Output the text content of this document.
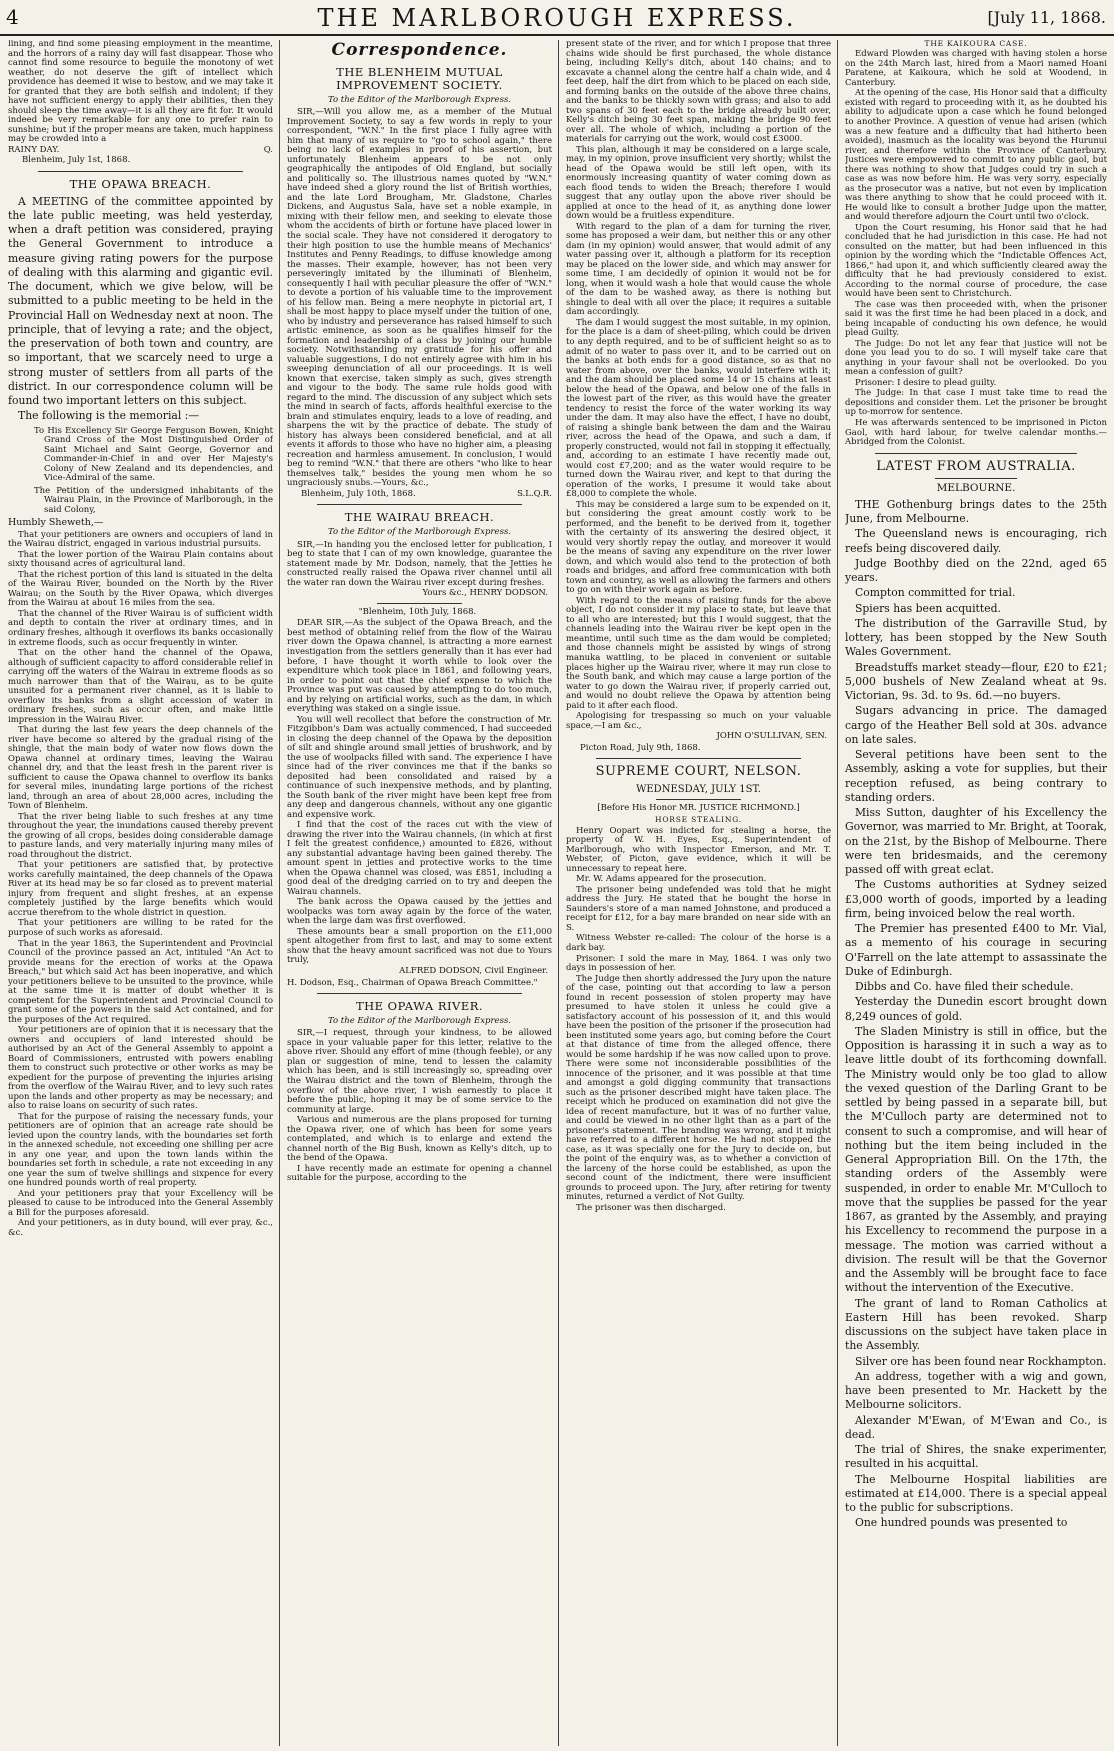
4	THE MARLBOROUGH EXPRESS.	[July 11, 1868.

lining, and find some pleasing employment in the meantime, and the horrors of a rainy day will fast disappear. Those who cannot find some resource to beguile the monotony of wet weather, do not deserve the gift of intellect which providence has deemed it wise to bestow, and we may take it for granted that they are both selfish and indolent; if they have not sufficient energy to apply their abilities, then they should sleep the time away—it is all they are fit for. It would indeed be very remarkable for any one to prefer rain to sunshine; but if the proper means are taken, much happiness may be crowded into a

RAINY DAY.	Q.

Blenheim, July 1st, 1868.

THE OPAWA BREACH.

A MEETING of the committee appointed by the late public meeting, was held yesterday, when a draft petition was considered, praying the General Government to introduce a measure giving rating powers for the purpose of dealing with this alarming and gigantic evil. The document, which we give below, will be submitted to a public meeting to be held in the Provincial Hall on Wednesday next at noon. The principle, that of levying a rate; and the object, the preservation of both town and country, are so important, that we scarcely need to urge a strong muster of settlers from all parts of the district. In our correspondence column will be found two important letters on this subject.

The following is the memorial :—

To His Excellency Sir George Ferguson Bowen, Knight Grand Cross of the Most Distinguished Order of Saint Michael and Saint George, Governor and Commander-in-Chief in and over Her Majesty's Colony of New Zealand and its dependencies, and Vice-Admiral of the same.

The Petition of the undersigned inhabitants of the Wairau Plain, in the Province of Marlborough, in the said Colony,

Humbly Sheweth,—

That your petitioners are owners and occupiers of land in the Wairau district, engaged in various industrial pursuits.

That the lower portion of the Wairau Plain contains about sixty thousand acres of agricultural land.

That the richest portion of this land is situated in the delta of the Wairau River, bounded on the North by the River Wairau; on the South by the River Opawa, which diverges from the Wairau at about 16 miles from the sea.

That the channel of the River Wairau is of sufficient width and depth to contain the river at ordinary times, and in ordinary freshes, although it overflows its banks occasionally in extreme floods, such as occur frequently in winter.

That on the other hand the channel of the Opawa, although of sufficient capacity to afford considerable relief in carrying off the waters of the Wairau in extreme floods as so much narrower than that of the Wairau, as to be quite unsuited for a permanent river channel, as it is liable to overflow its banks from a slight accession of water in ordinary freshes, such as occur often, and make little impression in the Wairau River.

That during the last few years the deep channels of the river have become so altered by the gradual rising of the shingle, that the main body of water now flows down the Opawa channel at ordinary times, leaving the Wairau channel dry, and that the least fresh in the parent river is sufficient to cause the Opawa channel to overflow its banks for several miles, inundating large portions of the richest land, through an area of about 28,000 acres, including the Town of Blenheim.

That the river being liable to such freshes at any time throughout the year, the inundations caused thereby prevent the growing of all crops, besides doing considerable damage to pasture lands, and very materially injuring many miles of road throughout the district.

That your petitioners are satisfied that, by protective works carefully maintained, the deep channels of the Opawa River at its head may be so far closed as to prevent material injury from frequent and slight freshes, at an expense completely justified by the large benefits which would accrue therefrom to the whole district in question.

That your petitioners are willing to be rated for the purpose of such works as aforesaid.

That in the year 1863, the Superintendent and Provincial Council of the province passed an Act, intituled "An Act to provide means for the erection of works at the Opawa Breach," but which said Act has been inoperative, and which your petitioners believe to be unsuited to the province, while at the same time it is matter of doubt whether it is competent for the Superintendent and Provincial Council to grant some of the powers in the said Act contained, and for the purposes of the Act required.

Your petitioners are of opinion that it is necessary that the owners and occupiers of land interested should be authorised by an Act of the General Assembly to appoint a Board of Commissioners, entrusted with powers enabling them to construct such protective or other works as may be expedient for the purpose of preventing the injuries arising from the overflow of the Wairau River, and to levy such rates upon the lands and other property as may be necessary; and also to raise loans on security of such rates.

That for the purpose of raising the necessary funds, your petitioners are of opinion that an acreage rate should be levied upon the country lands, with the boundaries set forth in the annexed schedule, not exceeding one shilling per acre in any one year, and upon the town lands within the boundaries set forth in schedule, a rate not exceeding in any one year the sum of twelve shillings and sixpence for every one hundred pounds worth of real property.

And your petitioners pray that your Excellency will be pleased to cause to be introduced into the General Assembly a Bill for the purposes aforesaid.

And your petitioners, as in duty bound, will ever pray, &c., &c.

Correspondence.
THE BLENHEIM MUTUAL IMPROVEMENT SOCIETY.
To the Editor of the Marlborough Express.

SIR,—Will you allow me, as a member of the Mutual Improvement Society, to say a few words in reply to your correspondent, "W.N." In the first place I fully agree with him that many of us require to "go to school again," there being no lack of examples in proof of his assertion, but unfortunately Blenheim appears to be not only geographically the antipodes of Old England, but socially and politically so. The illustrious names quoted by "W.N." have indeed shed a glory round the list of British worthies, and the late Lord Brougham, Mr. Gladstone, Charles Dickens, and Augustus Sala, have set a noble example, in mixing with their fellow men, and seeking to elevate those whom the accidents of birth or fortune have placed lower in the social scale. They have not considered it derogatory to their high position to use the humble means of Mechanics' Institutes and Penny Readings, to diffuse knowledge among the masses. Their example, however, has not been very perseveringly imitated by the illuminati of Blenheim, consequently I hail with peculiar pleasure the offer of "W.N." to devote a portion of his valuable time to the improvement of his fellow man. Being a mere neophyte in pictorial art, I shall be most happy to place myself under the tuition of one, who by industry and perseverance has raised himself to such artistic eminence, as soon as he qualifies himself for the formation and leadership of a class by joining our humble society. Notwithstanding my gratitude for his offer and valuable suggestions, I do not entirely agree with him in his sweeping denunciation of all our proceedings. It is well known that exercise, taken simply as such, gives strength and vigour to the body. The same rule holds good with regard to the mind. The discussion of any subject which sets the mind in search of facts, affords healthful exercise to the brain and stimulates enquiry, leads to a love of reading, and sharpens the wit by the practice of debate. The study of history has always been considered beneficial, and at all events it affords to those who have no higher aim, a pleasing recreation and harmless amusement. In conclusion, I would beg to remind "W.N." that there are others "who like to hear themselves talk," besides the young men whom he so ungraciously snubs.—Yours, &c.,

Blenheim, July 10th, 1868.	S.L.Q.R.

THE WAIRAU BREACH.
To the Editor of the Marlborough Express.

SIR,—In handing you the enclosed letter for publication, I beg to state that I can of my own knowledge, guarantee the statement made by Mr. Dodson, namely, that the Jetties he constructed really raised the Opawa river channel until all the water ran down the Wairau river except during freshes.

Yours &c., HENRY DODSON.

"Blenheim, 10th July, 1868.

DEAR SIR,—As the subject of the Opawa Breach, and the best method of obtaining relief from the flow of the Wairau river down the Opawa channel, is attracting a more earnest investigation from the settlers generally than it has ever had before, I have thought it worth while to look over the expenditure which took place in 1861, and following years, in order to point out that the chief expense to which the Province was put was caused by attempting to do too much, and by relying on artificial works, such as the dam, in which everything was staked on a single issue.

You will well recollect that before the construction of Mr. Fitzgibbon's Dam was actually commenced, I had succeeded in closing the deep channel of the Opawa by the deposition of silt and shingle around small jetties of brushwork, and by the use of woolpacks filled with sand. The experience I have since had of the river convinces me that if the banks so deposited had been consolidated and raised by a continuance of such inexpensive methods, and by planting, the South bank of the river might have been kept free from any deep and dangerous channels, without any one gigantic and expensive work.

I find that the cost of the races cut with the view of drawing the river into the Wairau channels, (in which at first I felt the greatest confidence,) amounted to £826, without any substantial advantage having been gained thereby. The amount spent in jetties and protective works to the time when the Opawa channel was closed, was £851, including a good deal of the dredging carried on to try and deepen the Wairau channels.

The bank across the Opawa caused by the jetties and woolpacks was torn away again by the force of the water, when the large dam was first overflowed.

These amounts bear a small proportion on the £11,000 spent altogether from first to last, and may to some extent show that the heavy amount sacrificed was not due to Yours truly,

ALFRED DODSON, Civil Engineer.

H. Dodson, Esq., Chairman of Opawa Breach Committee."

THE OPAWA RIVER.
To the Editor of the Marlborough Express.

SIR,—I request, through your kindness, to be allowed space in your valuable paper for this letter, relative to the above river. Should any effort of mine (though feeble), or any plan or suggestion of mine, tend to lessen the calamity which has been, and is still increasingly so, spreading over the Wairau district and the town of Blenheim, through the overflow of the above river, I wish earnestly to place it before the public, hoping it may be of some service to the community at large.

Various and numerous are the plans proposed for turning the Opawa river, one of which has been for some years contemplated, and which is to enlarge and extend the channel north of the Big Bush, known as Kelly's ditch, up to the bend of the Opawa.

I have recently made an estimate for opening a channel suitable for the purpose, according to the

present state of the river, and for which I propose that three chains wide should be first purchased, the whole distance being, including Kelly's ditch, about 140 chains; and to excavate a channel along the centre half a chain wide, and 4 feet deep, half the dirt from which to be placed on each side, and forming banks on the outside of the above three chains, and the banks to be thickly sown with grass; and also to add two spans of 30 feet each to the bridge already built over, Kelly's ditch being 30 feet span, making the bridge 90 feet over all. The whole of which, including a portion of the materials for carrying out the work, would cost £3000.

This plan, although it may be considered on a large scale, may, in my opinion, prove insufficient very shortly; whilst the head of the Opawa would be still left open, with its enormously increasing quantity of water coming down as each flood tends to widen the Breach; therefore I would suggest that any outlay upon the above river should be applied at once to the head of it, as anything done lower down would be a fruitless expenditure.

With regard to the plan of a dam for turning the river, some has proposed a weir dam, but neither this or any other dam (in my opinion) would answer, that would admit of any water passing over it, although a platform for its reception may be placed on the lower side, and which may answer for some time, I am decidedly of opinion it would not be for long, when it would wash a hole that would cause the whole of the dam to be washed away, as there is nothing but shingle to deal with all over the place; it requires a suitable dam accordingly.

The dam I would suggest the most suitable, in my opinion, for the place is a dam of sheet-piling, which could be driven to any depth required, and to be of sufficient height so as to admit of no water to pass over it, and to be carried out on the banks at both ends for a good distance, so as that no water from above, over the banks, would interfere with it; and the dam should be placed some 14 or 15 chains at least below the head of the Opawa, and below one of the falls in the lowest part of the river, as this would have the greater tendency to resist the force of the water working its way under the dam. It may also have the effect, I have no doubt, of raising a shingle bank between the dam and the Wairau river, across the head of the Opawa, and such a dam, if properly constructed, would not fail in stopping it effectually, and, according to an estimate I have recently made out, would cost £7,200; and as the water would require to be turned down the Wairau river, and kept to that during the operation of the works, I presume it would take about £8,000 to complete the whole.

This may be considered a large sum to be expended on it, but considering the great amount costly work to be performed, and the benefit to be derived from it, together with the certainty of its answering the desired object, it would very shortly repay the outlay, and moreover it would be the means of saving any expenditure on the river lower down, and which would also tend to the protection of both roads and bridges, and afford free communication with both town and country, as well as allowing the farmers and others to go on with their work again as before.

With regard to the means of raising funds for the above object, I do not consider it my place to state, but leave that to all who are interested; but this I would suggest, that the channels leading into the Wairau river be kept open in the meantime, until such time as the dam would be completed; and those channels might be assisted by wings of strong manuka wattling, to be placed in convenient or suitable places higher up the Wairau river, where it may run close to the South bank, and which may cause a large portion of the water to go down the Wairau river, if properly carried out, and would no doubt relieve the Opawa by attention being paid to it after each flood.

Apologising for trespassing so much on your valuable space,—I am &c.,

JOHN O'SULLIVAN, SEN.

Picton Road, July 9th, 1868.

SUPREME COURT, NELSON.
WEDNESDAY, JULY 1ST.
[Before His Honor MR. JUSTICE RICHMOND.]
HORSE STEALING.

Henry Oopart was indicted for stealing a horse, the property of W. H. Eyes, Esq., Superintendent of Marlborough, who with Inspector Emerson, and Mr. T. Webster, of Picton, gave evidence, which it will be unnecessary to repeat here.

Mr. W. Adams appeared for the prosecution.

The prisoner being undefended was told that he might address the Jury. He stated that he bought the horse in Saunders's store of a man named Johnstone, and produced a receipt for £12, for a bay mare branded on near side with an S.

Witness Webster re-called: The colour of the horse is a dark bay.

Prisoner: I sold the mare in May, 1864. I was only two days in possession of her.

The Judge then shortly addressed the Jury upon the nature of the case, pointing out that according to law a person found in recent possession of stolen property may have presumed to have stolen it unless he could give a satisfactory account of his possession of it, and this would have been the position of the prisoner if the prosecution had been instituted some years ago, but coming before the Court at that distance of time from the alleged offence, there would be some hardship if he was now called upon to prove. There were some not inconsiderable possibilities of the innocence of the prisoner, and it was possible at that time and amongst a gold digging community that transactions such as the prisoner described might have taken place. The receipt which he produced on examination did not give the idea of recent manufacture, but it was of no further value, and could be viewed in no other light than as a part of the prisoner's statement. The branding was wrong, and it might have referred to a different horse. He had not stopped the case, as it was specially one for the Jury to decide on, but the point of the enquiry was, as to whether a conviction of the larceny of the horse could be established, as upon the second count of the indictment, there were insufficient grounds to proceed upon. The Jury, after retiring for twenty minutes, returned a verdict of Not Guilty.

The prisoner was then discharged.

THE KAIKOURA CASE.

Edward Plowden was charged with having stolen a horse on the 24th March last, hired from a Maori named Hoani Paratene, at Kaikoura, which he sold at Woodend, in Canterbury.

At the opening of the case, His Honor said that a difficulty existed with regard to proceeding with it, as he doubted his ability to adjudicate upon a case which he found belonged to another Province. A question of venue had arisen (which was a new feature and a difficulty that had hitherto been avoided), inasmuch as the locality was beyond the Hurunui river, and therefore within the Province of Canterbury. Justices were empowered to commit to any public gaol, but there was nothing to show that Judges could try in such a case as was now before him. He was very sorry, especially as the prosecutor was a native, but not even by implication was there anything to show that he could proceed with it. He would like to consult a brother Judge upon the matter, and would therefore adjourn the Court until two o'clock.

Upon the Court resuming, his Honor said that he had concluded that he had jurisdiction in this case. He had not consulted on the matter, but had been influenced in this opinion by the wording which the "Indictable Offences Act, 1866," had upon it, and which sufficiently cleared away the difficulty that he had previously considered to exist. According to the normal course of procedure, the case would have been sent to Christchurch.

The case was then proceeded with, when the prisoner said it was the first time he had been placed in a dock, and being incapable of conducting his own defence, he would plead Guilty.

The Judge: Do not let any fear that justice will not be done you lead you to do so. I will myself take care that anything in your favour shall not be overlooked. Do you mean a confession of guilt?

Prisoner: I desire to plead guilty.

The Judge: In that case I must take time to read the depositions and consider them. Let the prisoner be brought up to-morrow for sentence.

He was afterwards sentenced to be imprisoned in Picton Gaol, with hard labour, for twelve calendar months.—Abridged from the Colonist.

LATEST FROM AUSTRALIA.
MELBOURNE.

THE Gothenburg brings dates to the 25th June, from Melbourne.

The Queensland news is encouraging, rich reefs being discovered daily.

Judge Boothby died on the 22nd, aged 65 years.

Compton committed for trial.

Spiers has been acquitted.

The distribution of the Garraville Stud, by lottery, has been stopped by the New South Wales Government.

Breadstuffs market steady—flour, £20 to £21; 5,000 bushels of New Zealand wheat at 9s. Victorian, 9s. 3d. to 9s. 6d.—no buyers.

Sugars advancing in price. The damaged cargo of the Heather Bell sold at 30s. advance on late sales.

Several petitions have been sent to the Assembly, asking a vote for supplies, but their reception refused, as being contrary to standing orders.

Miss Sutton, daughter of his Excellency the Governor, was married to Mr. Bright, at Toorak, on the 21st, by the Bishop of Melbourne. There were ten bridesmaids, and the ceremony passed off with great eclat.

The Customs authorities at Sydney seized £3,000 worth of goods, imported by a leading firm, being invoiced below the real worth.

The Premier has presented £400 to Mr. Vial, as a memento of his courage in securing O'Farrell on the late attempt to assassinate the Duke of Edinburgh.

Dibbs and Co. have filed their schedule.

Yesterday the Dunedin escort brought down 8,249 ounces of gold.

The Sladen Ministry is still in office, but the Opposition is harassing it in such a way as to leave little doubt of its forthcoming downfall. The Ministry would only be too glad to allow the vexed question of the Darling Grant to be settled by being passed in a separate bill, but the M'Culloch party are determined not to consent to such a compromise, and will hear of nothing but the item being included in the General Appropriation Bill. On the 17th, the standing orders of the Assembly were suspended, in order to enable Mr. M'Culloch to move that the supplies be passed for the year 1867, as granted by the Assembly, and praying his Excellency to recommend the purpose in a message. The motion was carried without a division. The result will be that the Governor and the Assembly will be brought face to face without the intervention of the Executive.

The grant of land to Roman Catholics at Eastern Hill has been revoked. Sharp discussions on the subject have taken place in the Assembly.

Silver ore has been found near Rockhampton.

An address, together with a wig and gown, have been presented to Mr. Hackett by the Melbourne solicitors.

Alexander M'Ewan, of M'Ewan and Co., is dead.

The trial of Shires, the snake experimenter, resulted in his acquittal.

The Melbourne Hospital liabilities are estimated at £14,000. There is a special appeal to the public for subscriptions.

One hundred pounds was presented to
